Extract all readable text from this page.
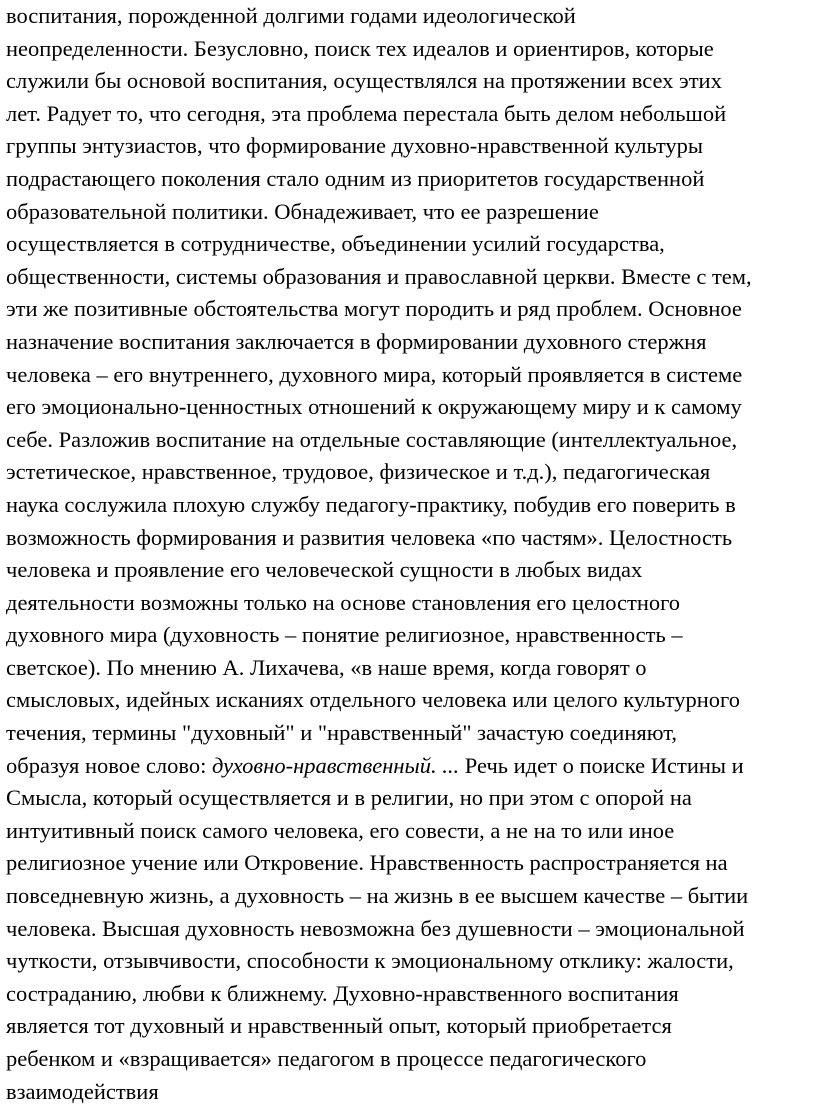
воспитания, порожденной долгими годами идеологической
неопределенности. Безусловно, поиск тех идеалов и ориентиров, которые
служили бы основой воспитания, осуществлялся на протяжении всех этих
лет. Радует то, что сегодня, эта проблема перестала быть делом небольшой
группы энтузиастов, что формирование духовно-нравственной культуры
подрастающего поколения стало одним из приоритетов государственной
образовательной политики. Обнадеживает, что ее разрешение
осуществляется в сотрудничестве, объединении усилий государства,
общественности, системы образования и православной церкви. Вместе с тем,
эти же позитивные обстоятельства могут породить и ряд проблем. Основное
назначение воспитания заключается в формировании духовного стержня
человека – его внутреннего, духовного мира, который проявляется в системе
его эмоционально-ценностных отношений к окружающему миру и к самому
себе. Разложив воспитание на отдельные составляющие (интеллектуальное,
эстетическое, нравственное, трудовое, физическое и т.д.), педагогическая
наука сослужила плохую службу педагогу-практику, побудив его поверить в
возможность формирования и развития человека «по частям». Целостность
человека и проявление его человеческой сущности в любых видах
деятельности возможны только на основе становления его целостного
духовного мира (духовность – понятие религиозное, нравственность –
светское). По мнению А. Лихачева, «в наше время, когда говорят о
смысловых, идейных исканиях отдельного человека или целого культурного
течения, термины "духовный" и "нравственный" зачастую соединяют,
образуя новое слово: духовно-нравственный. ... Речь идет о поиске Истины и
Смысла, который осуществляется и в религии, но при этом с опорой на
интуитивный поиск самого человека, его совести, а не на то или иное
религиозное учение или Откровение. Нравственность распространяется на
повседневную жизнь, а духовность – на жизнь в ее высшем качестве – бытии
человека. Высшая духовность невозможна без душевности – эмоциональной
чуткости, отзывчивости, способности к эмоциональному отклику: жалости,
состраданию, любви к ближнему. Духовно-нравственного воспитания
является тот духовный и нравственный опыт, который приобретается
ребенком и «взращивается» педагогом в процессе педагогического
взаимодействия
